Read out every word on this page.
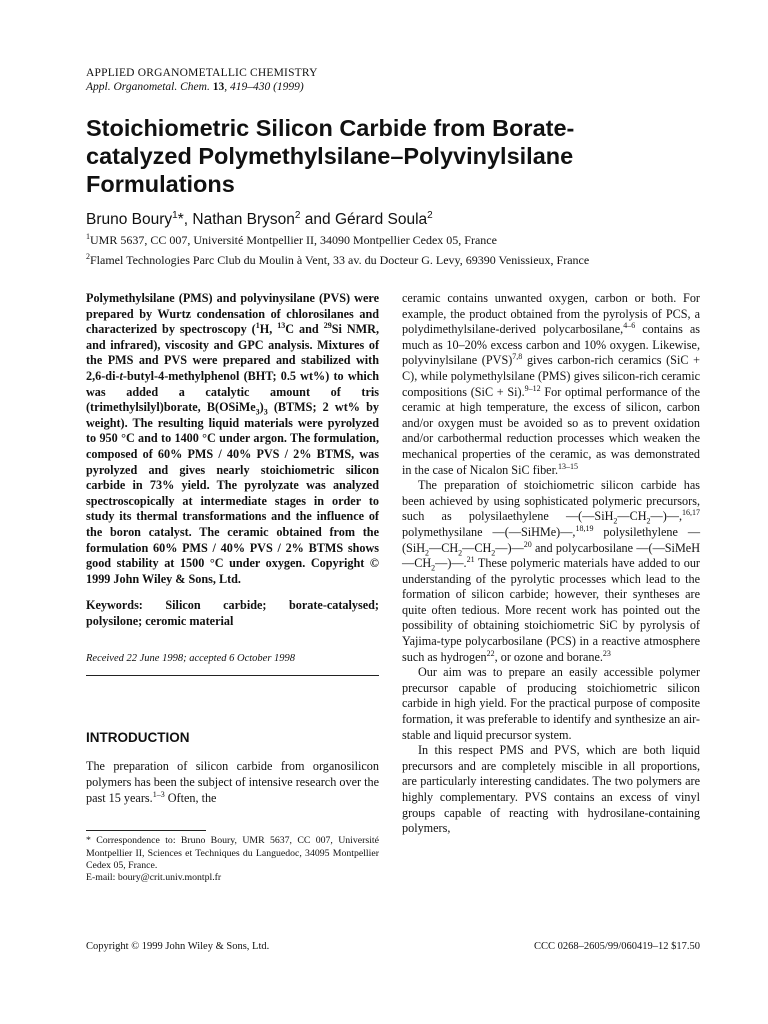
APPLIED ORGANOMETALLIC CHEMISTRY
Appl. Organometal. Chem. 13, 419–430 (1999)
Stoichiometric Silicon Carbide from Borate-catalyzed Polymethylsilane–Polyvinylsilane Formulations
Bruno Boury$^1$*, Nathan Bryson$^2$ and Gérard Soula$^2$
$^1$UMR 5637, CC 007, Université Montpellier II, 34090 Montpellier Cedex 05, France
$^2$Flamel Technologies Parc Club du Moulin à Vent, 33 av. du Docteur G. Levy, 69390 Venissieux, France

Polymethylsilane (PMS) and polyvinysilane (PVS) were prepared by Wurtz condensation of chlorosilanes and characterized by spectroscopy ($^1$H, $^{13}$C and $^{29}$Si NMR, and infrared), viscosity and GPC analysis. Mixtures of the PMS and PVS were prepared and stabilized with 2,6-di-t-butyl-4-methylphenol (BHT; 0.5 wt%) to which was added a catalytic amount of tris (trimethylsilyl)borate, $B(OSiMe_3)_3$ (BTMS; 2 wt% by weight). The resulting liquid materials were pyrolyzed to 950 °C and to 1400 °C under argon. The formulation, composed of 60% PMS / 40% PVS / 2% BTMS, was pyrolyzed and gives nearly stoichiometric silicon carbide in 73% yield. The pyrolyzate was analyzed spectroscopically at intermediate stages in order to study its thermal transformations and the influence of the boron catalyst. The ceramic obtained from the formulation 60% PMS / 40% PVS / 2% BTMS shows good stability at 1500 °C under oxygen. Copyright © 1999 John Wiley & Sons, Ltd.

Keywords: Silicon carbide; borate-catalysed; polysilone; ceromic material

Received 22 June 1998; accepted 6 October 1998
INTRODUCTION
The preparation of silicon carbide from organosilicon polymers has been the subject of intensive research over the past 15 years.$^{1-3}$ Often, the
* Correspondence to: Bruno Boury, UMR 5637, CC 007, Université Montpellier II, Sciences et Techniques du Languedoc, 34095 Montpellier Cedex 05, France.
E-mail: boury@crit.univ.montpl.fr

ceramic contains unwanted oxygen, carbon or both. For example, the product obtained from the pyrolysis of PCS, a polydimethylsilane-derived polycarbosilane,$^{4-6}$ contains as much as 10–20% excess carbon and 10% oxygen. Likewise, polyvinylsilane (PVS)$^{7,8}$ gives carbon-rich ceramics (SiC + C), while polymethylsilane (PMS) gives silicon-rich ceramic compositions (SiC + Si).$^{9-12}$ For optimal performance of the ceramic at high temperature, the excess of silicon, carbon and/or oxygen must be avoided so as to prevent oxidation and/or carbothermal reduction processes which weaken the mechanical properties of the ceramic, as was demonstrated in the case of Nicalon SiC fiber.$^{13-15}$

The preparation of stoichiometric silicon carbide has been achieved by using sophisticated polymeric precursors, such as polysilaethylene $—(—SiH_2—CH_2—)—,^{16,17}$ polymethysilane —(—SiHMe)—,$^{18,19}$ polysilethylene $—(SiH_2—CH_2—CH_2—)—^{20}$ and polycarbosilane $—(—SiMeH—CH_2—)—.^{21}$ These polymeric materials have added to our understanding of the pyrolytic processes which lead to the formation of silicon carbide; however, their syntheses are quite often tedious. More recent work has pointed out the possibility of obtaining stoichiometric SiC by pyrolysis of Yajima-type polycarbosilane (PCS) in a reactive atmosphere such as hydrogen$^{22}$, or ozone and borane.$^{23}$

Our aim was to prepare an easily accessible polymer precursor capable of producing stoichiometric silicon carbide in high yield. For the practical purpose of composite formation, it was preferable to identify and synthesize an air-stable and liquid precursor system.

In this respect PMS and PVS, which are both liquid precursors and are completely miscible in all proportions, are particularly interesting candidates. The two polymers are highly complementary. PVS contains an excess of vinyl groups capable of reacting with hydrosilane-containing polymers,

Copyright © 1999 John Wiley & Sons, Ltd.	CCC 0268–2605/99/060419–12 $17.50
